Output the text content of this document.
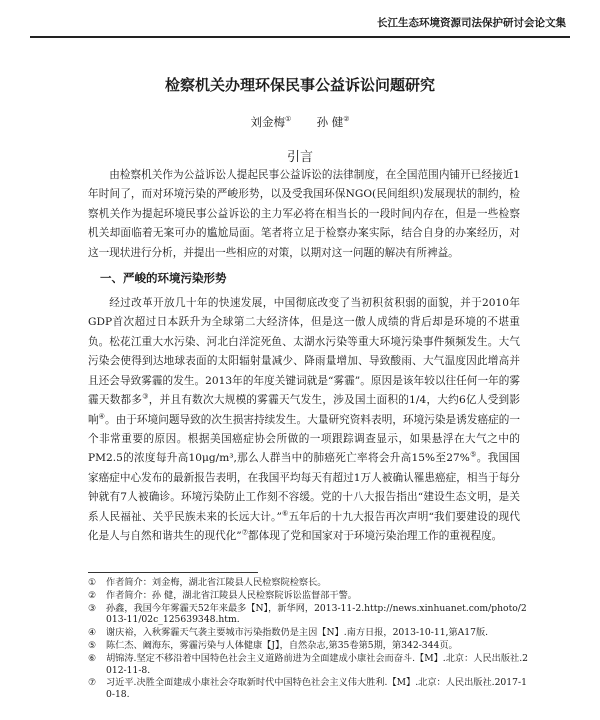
长江生态环境资源司法保护研讨会论文集
检察机关办理环保民事公益诉讼问题研究
刘金梅① 孙 健②
引言

由检察机关作为公益诉讼人提起民事公益诉讼的法律制度，在全国范围内铺开已经接近1年时间了，而对环境污染的严峻形势，以及受我国环保NGO(民间组织)发展现状的制约，检察机关作为提起环境民事公益诉讼的主力军必将在相当长的一段时间内存在，但是一些检察机关却面临着无案可办的尴尬局面。笔者将立足于检察办案实际，结合自身的办案经历，对这一现状进行分析，并提出一些相应的对策，以期对这一问题的解决有所裨益。

一、严峻的环境污染形势

经过改革开放几十年的快速发展，中国彻底改变了当初积贫积弱的面貌，并于2010年GDP首次超过日本跃升为全球第二大经济体，但是这一傲人成绩的背后却是环境的不堪重负。 松花江重大水污染、河北白洋淀死鱼、太湖水污染等重大环境污染事件频频发生。大气污染会使得到达地球表面的太阳辐射量减少、降雨量增加、导致酸雨、大气温度因此增高并且还会导致雾霾的发生。2013年的年度关键词就是“雾霾”。原因是该年较以往任何一年的雾霾天数都多③，并且有数次大规模的雾霾天气发生，涉及国土面积的1/4，大约6亿人受到影响④。由于环境问题导致的次生损害持续发生。大量研究资料表明，环境污染是诱发癌症的一个非常重要的原因。根据美国癌症协会所做的一项跟踪调查显示，如果悬浮在大气之中的PM2.5的浓度每升高10μg/m³,那么人群当中的肺癌死亡率将会升高15%至27%⑤。我国国家癌症中心发布的最新报告表明，在我国平均每天有超过1万人被确认罹患癌症，相当于每分钟就有7人被确诊。环境污染防止工作刻不容缓。党的十八大报告指出“建设生态文明，是关系人民福祉、关乎民族未来的长远大计。”⑥五年后的十九大报告再次声明“我们要建设的现代化是人与自然和谐共生的现代化”⑦都体现了党和国家对于环境污染治理工作的重视程度。

①	作者简介：刘金梅，湖北省江陵县人民检察院检察长。
②	作者简介：孙 健，湖北省江陵县人民检察院诉讼监督部干警。
③	孙鑫，我国今年雾霾天52年来最多【N】，新华网，2013-11-2.http://news.xinhuanet.com/photo/2013-11/02c_125639348.htm.
④	谢庆裕，入秋雾霾天气袭主要城市污染指数仍是主因【N】.南方日报，2013-10-11,第A17版.
⑤	陈仁杰、阚海东，雾霾污染与人体健康【J】，自然杂志,第35卷第5期，第342-344页。
⑥	胡锦涛.坚定不移沿着中国特色社会主义道路前进为全面建成小康社会而奋斗.【M】.北京：人民出版社.2012-11-8.
⑦	习近平.决胜全面建成小康社会夺取新时代中国特色社会主义伟大胜利.【M】.北京：人民出版社.2017-10-18.
